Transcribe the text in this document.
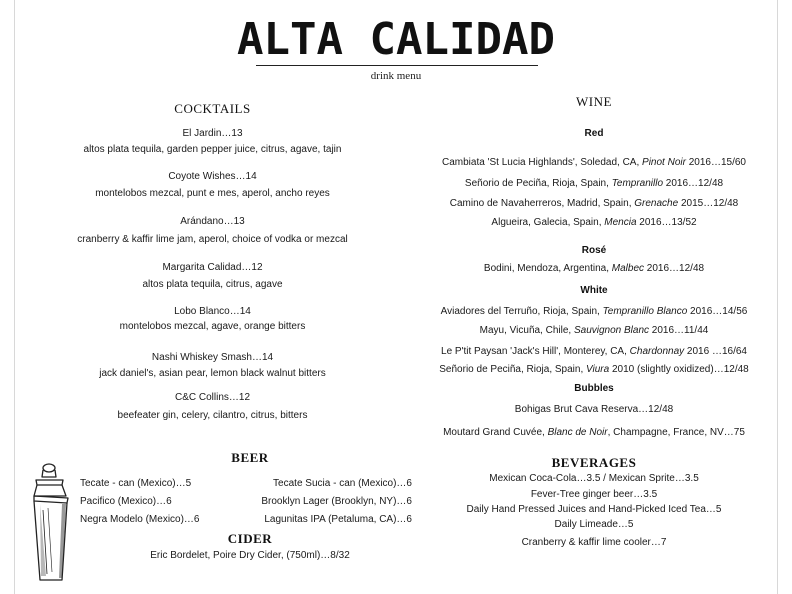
ALTA CALIDAD
drink menu
COCKTAILS
El Jardin…13
altos plata tequila, garden pepper juice, citrus, agave, tajin
Coyote Wishes…14
montelobos mezcal, punt e mes, aperol, ancho reyes
Arándano…13
cranberry & kaffir lime jam, aperol, choice of vodka or mezcal
Margarita Calidad…12
altos plata tequila, citrus, agave
Lobo Blanco…14
montelobos mezcal, agave, orange bitters
Nashi Whiskey Smash…14
jack daniel's, asian pear, lemon black walnut bitters
C&C Collins…12
beefeater gin, celery, cilantro, citrus, bitters
BEER
Tecate - can (Mexico)…5
Pacifico (Mexico)…6
Negra Modelo (Mexico)…6
Tecate Sucia - can (Mexico)…6
Brooklyn Lager (Brooklyn, NY)…6
Lagunitas IPA (Petaluma, CA)…6
CIDER
Eric Bordelet, Poire Dry Cider, (750ml)…8/32
WINE
Red
Cambiata 'St Lucia Highlands', Soledad, CA, Pinot Noir 2016…15/60
Señorio de Peciña, Rioja, Spain, Tempranillo 2016…12/48
Camino de Navaherreros, Madrid, Spain, Grenache 2015…12/48
Algueira, Galecia, Spain, Mencia 2016…13/52
Rosé
Bodini, Mendoza, Argentina, Malbec 2016…12/48
White
Aviadores del Terruño, Rioja, Spain, Tempranillo Blanco 2016…14/56
Mayu, Vicuña, Chile, Sauvignon Blanc 2016…11/44
Le P'tit Paysan 'Jack's Hill', Monterey, CA, Chardonnay 2016 …16/64
Señorio de Peciña, Rioja, Spain, Viura 2010 (slightly oxidized)…12/48
Bubbles
Bohigas Brut Cava Reserva…12/48
Moutard Grand Cuvée, Blanc de Noir, Champagne, France, NV…75
BEVERAGES
Mexican Coca-Cola…3.5 / Mexican Sprite…3.5
Fever-Tree ginger beer…3.5
Daily Hand Pressed Juices and Hand-Picked Iced Tea…5
Daily Limeade…5
Cranberry & kaffir lime cooler…7
